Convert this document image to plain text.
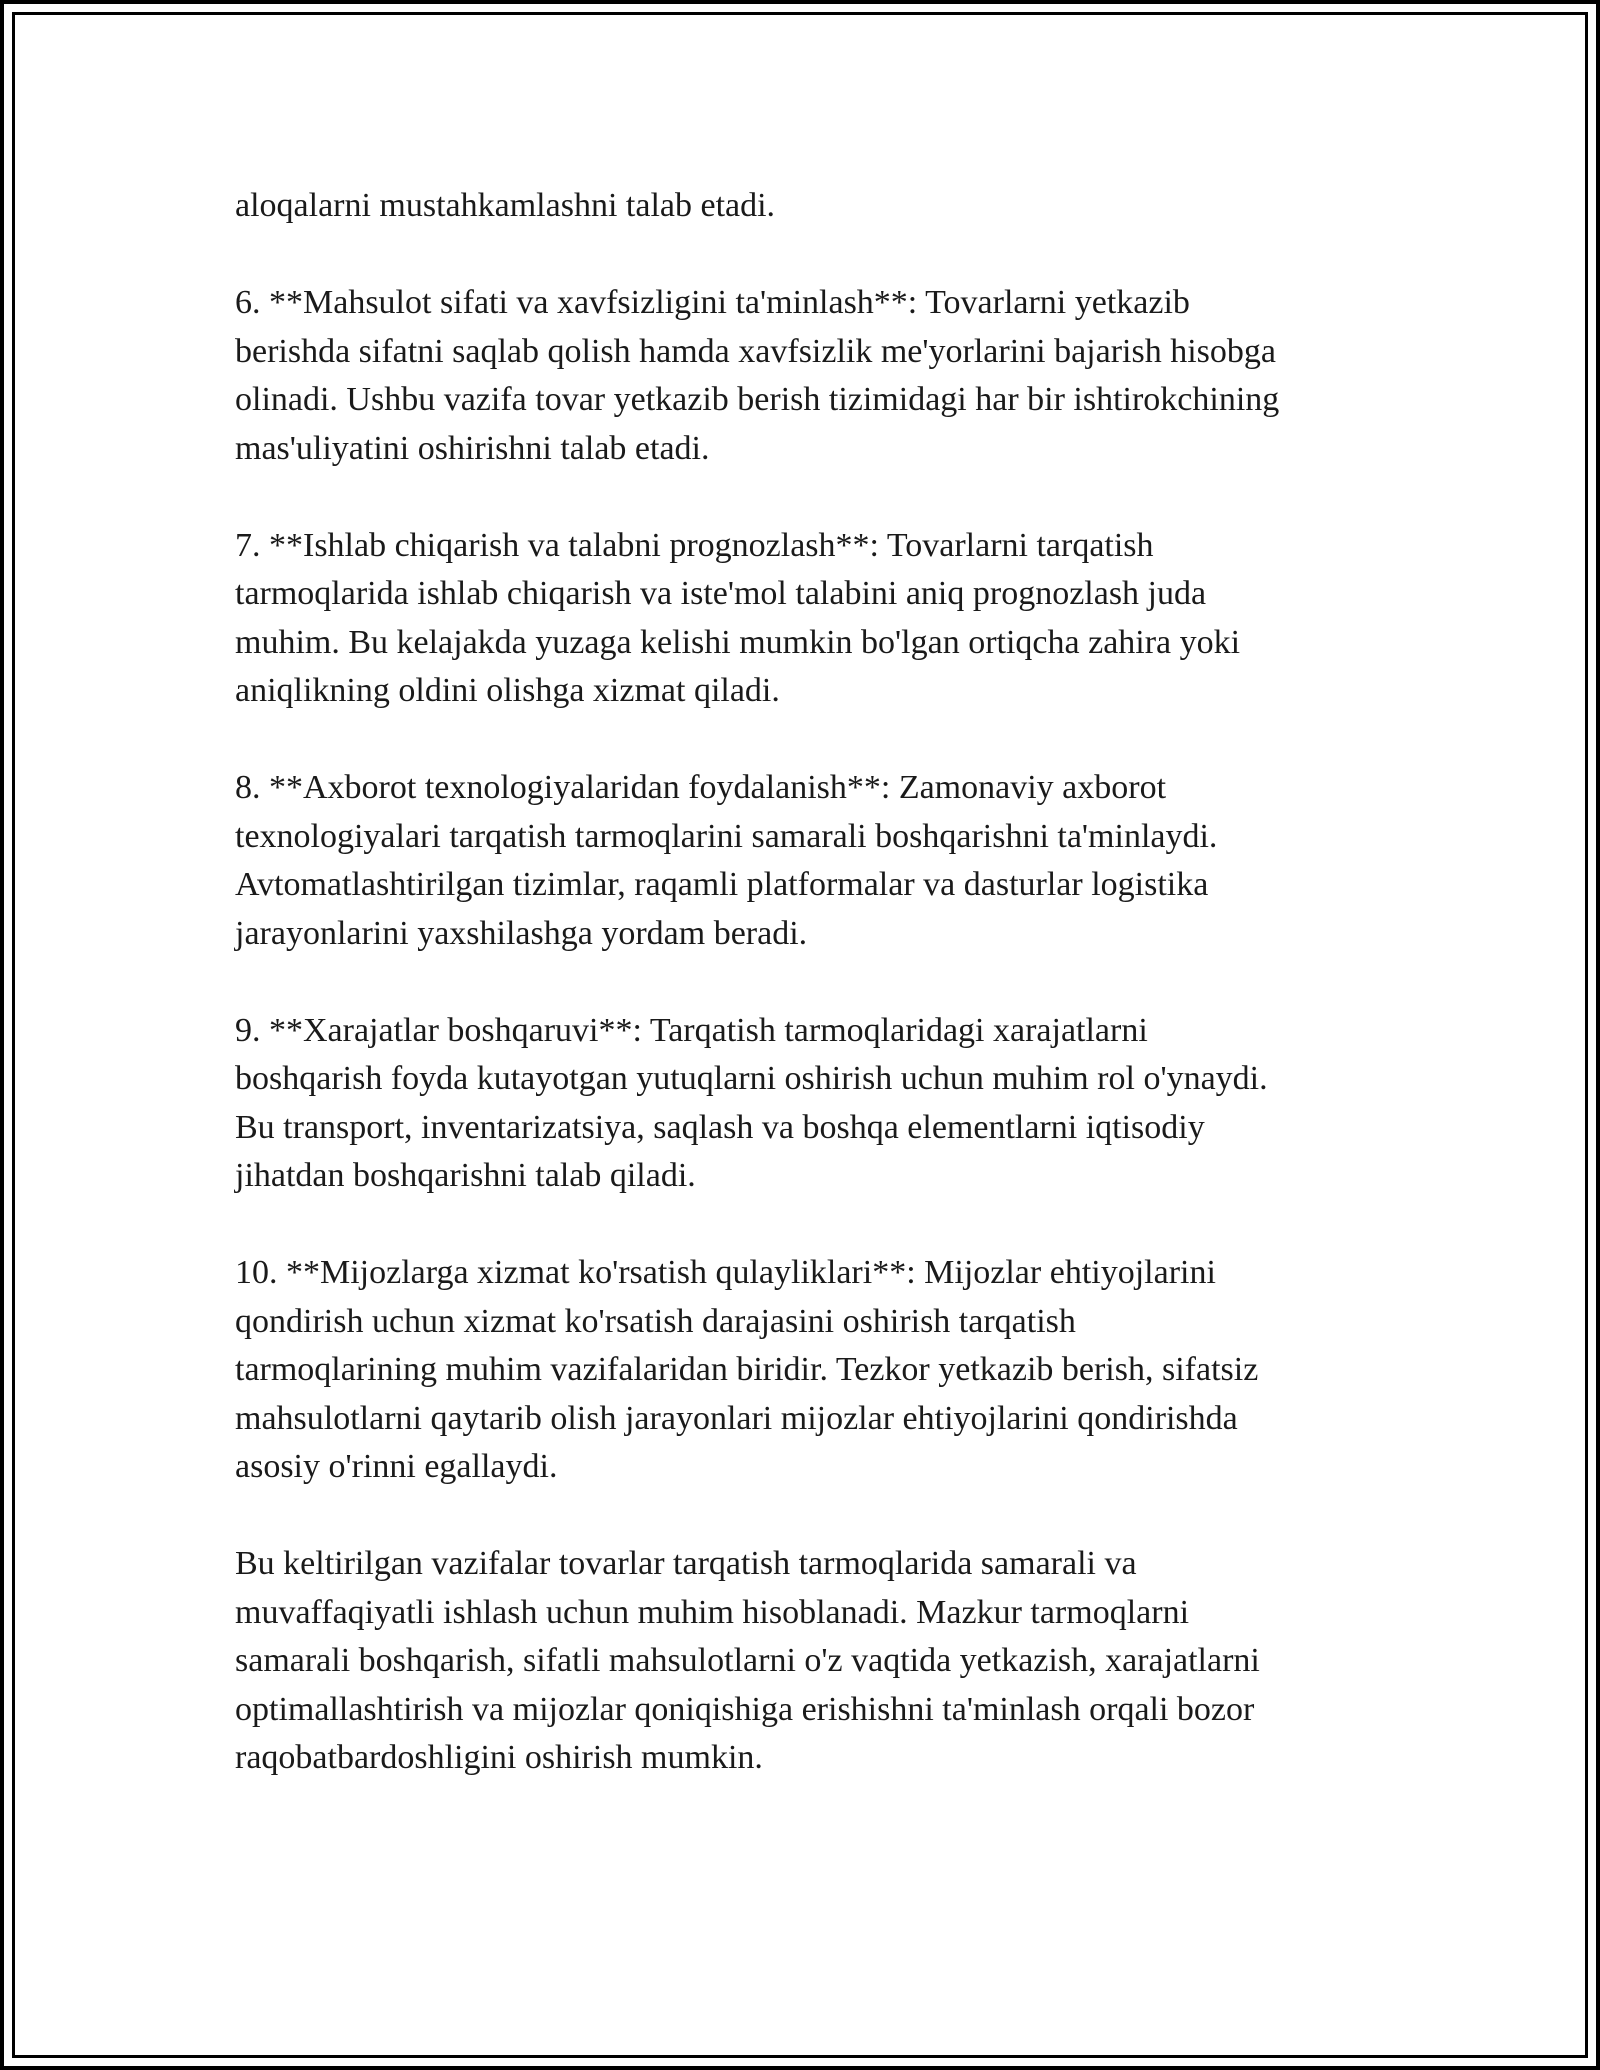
aloqalarni mustahkamlashni talab etadi.

6. **Mahsulot sifati va xavfsizligini ta'minlash**: Tovarlarni yetkazib
berishda sifatni saqlab qolish hamda xavfsizlik me'yorlarini bajarish hisobga
olinadi. Ushbu vazifa tovar yetkazib berish tizimidagi har bir ishtirokchining
mas'uliyatini oshirishni talab etadi.

7. **Ishlab chiqarish va talabni prognozlash**: Tovarlarni tarqatish
tarmoqlarida ishlab chiqarish va iste'mol talabini aniq prognozlash juda
muhim. Bu kelajakda yuzaga kelishi mumkin bo'lgan ortiqcha zahira yoki
aniqlikning oldini olishga xizmat qiladi.

8. **Axborot texnologiyalaridan foydalanish**: Zamonaviy axborot
texnologiyalari tarqatish tarmoqlarini samarali boshqarishni ta'minlaydi.
Avtomatlashtirilgan tizimlar, raqamli platformalar va dasturlar logistika
jarayonlarini yaxshilashga yordam beradi.

9. **Xarajatlar boshqaruvi**: Tarqatish tarmoqlaridagi xarajatlarni
boshqarish foyda kutayotgan yutuqlarni oshirish uchun muhim rol o'ynaydi.
Bu transport, inventarizatsiya, saqlash va boshqa elementlarni iqtisodiy
jihatdan boshqarishni talab qiladi.

10. **Mijozlarga xizmat ko'rsatish qulayliklari**: Mijozlar ehtiyojlarini
qondirish uchun xizmat ko'rsatish darajasini oshirish tarqatish
tarmoqlarining muhim vazifalaridan biridir. Tezkor yetkazib berish, sifatsiz
mahsulotlarni qaytarib olish jarayonlari mijozlar ehtiyojlarini qondirishda
asosiy o'rinni egallaydi.

Bu keltirilgan vazifalar tovarlar tarqatish tarmoqlarida samarali va
muvaffaqiyatli ishlash uchun muhim hisoblanadi. Mazkur tarmoqlarni
samarali boshqarish, sifatli mahsulotlarni o'z vaqtida yetkazish, xarajatlarni
optimallashtirish va mijozlar qoniqishiga erishishni ta'minlash orqali bozor
raqobatbardoshligini oshirish mumkin.
